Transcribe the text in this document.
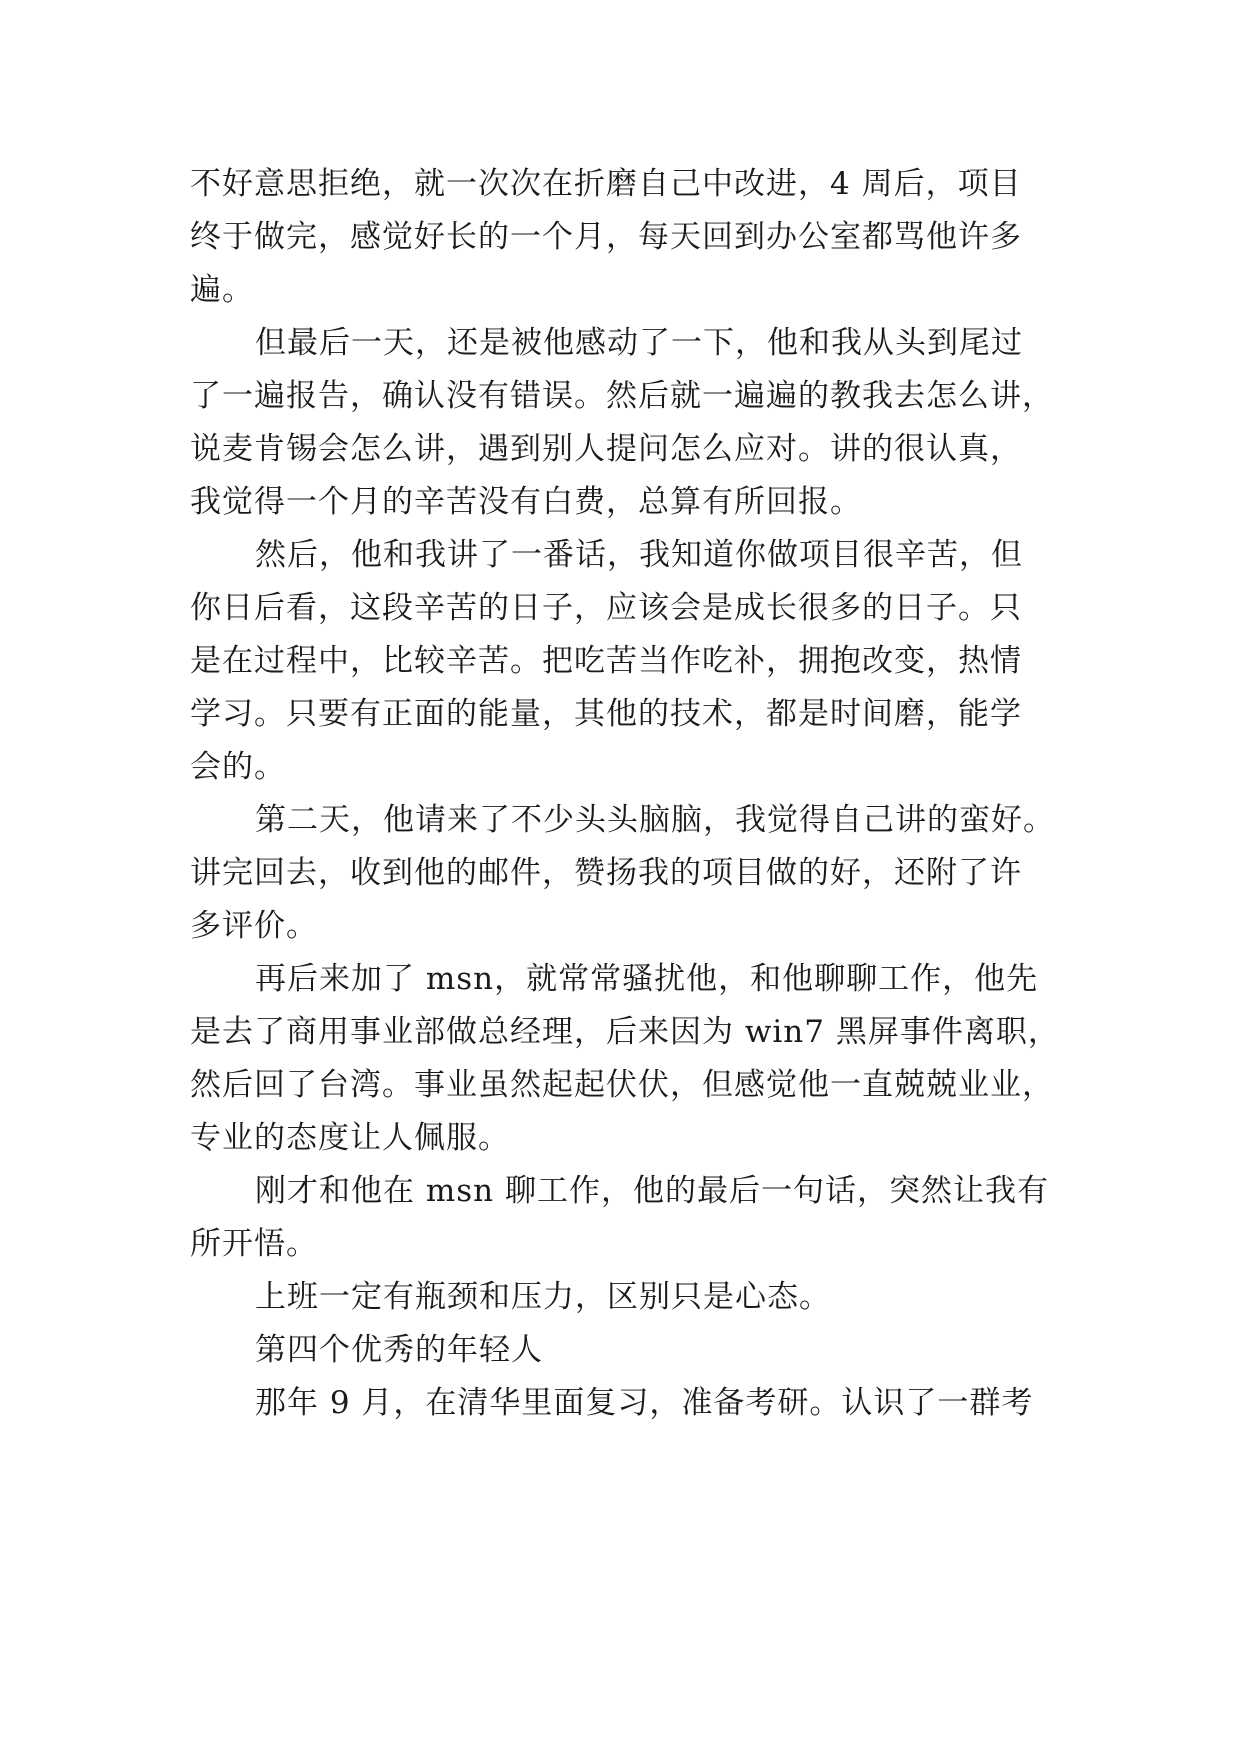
不好意思拒绝，就一次次在折磨自己中改进，4 周后，项目
终于做完，感觉好长的一个月，每天回到办公室都骂他许多
遍。
但最后一天，还是被他感动了一下，他和我从头到尾过
了一遍报告，确认没有错误。然后就一遍遍的教我去怎么讲，
说麦肯锡会怎么讲，遇到别人提问怎么应对。讲的很认真，
我觉得一个月的辛苦没有白费，总算有所回报。
然后，他和我讲了一番话，我知道你做项目很辛苦，但
你日后看，这段辛苦的日子，应该会是成长很多的日子。只
是在过程中，比较辛苦。把吃苦当作吃补，拥抱改变，热情
学习。只要有正面的能量，其他的技术，都是时间磨，能学
会的。
第二天，他请来了不少头头脑脑，我觉得自己讲的蛮好。
讲完回去，收到他的邮件，赞扬我的项目做的好，还附了许
多评价。
再后来加了 msn，就常常骚扰他，和他聊聊工作，他先
是去了商用事业部做总经理，后来因为 win7 黑屏事件离职，
然后回了台湾。事业虽然起起伏伏，但感觉他一直兢兢业业，
专业的态度让人佩服。
刚才和他在 msn 聊工作，他的最后一句话，突然让我有
所开悟。
上班一定有瓶颈和压力，区别只是心态。
第四个优秀的年轻人
那年 9 月，在清华里面复习，准备考研。认识了一群考
